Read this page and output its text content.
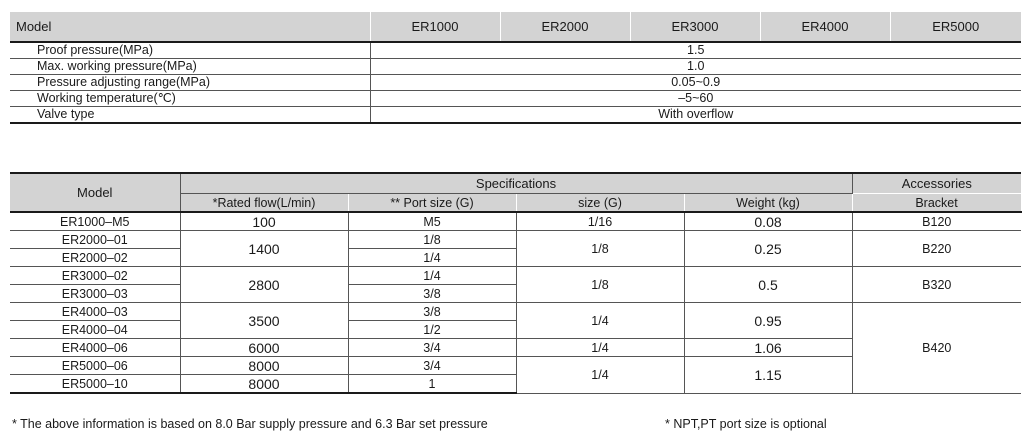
Model	ER1000	ER2000	ER3000	ER4000	ER5000
Proof pressure(MPa)	1.5				
Max. working pressure(MPa)	1.0				
Pressure adjusting range(MPa)	0.05~0.9				
Working temperature(℃)	–5~60				
Valve type	With overflow				
Model	Specifications				Accessories
	*Rated flow(L/min)	** Port size (G)	size (G)	Weight (kg)	Bracket
ER1000–M5	100	M5	1/16	0.08	B120
ER2000–01	1400	1/8	1/8	0.25	B220
ER2000–02		1/4			
ER3000–02	2800	1/4	1/8	0.5	B320
ER3000–03		3/8			
ER4000–03	3500	3/8	1/4	0.95	B420
ER4000–04		1/2			
ER4000–06	6000	3/4	1/4	1.06	
ER5000–06	8000	3/4	1/4	1.15	
ER5000–10	8000	1			
* The above information is based on 8.0 Bar supply pressure and 6.3 Bar set pressure	* NPT,PT port size is optional
